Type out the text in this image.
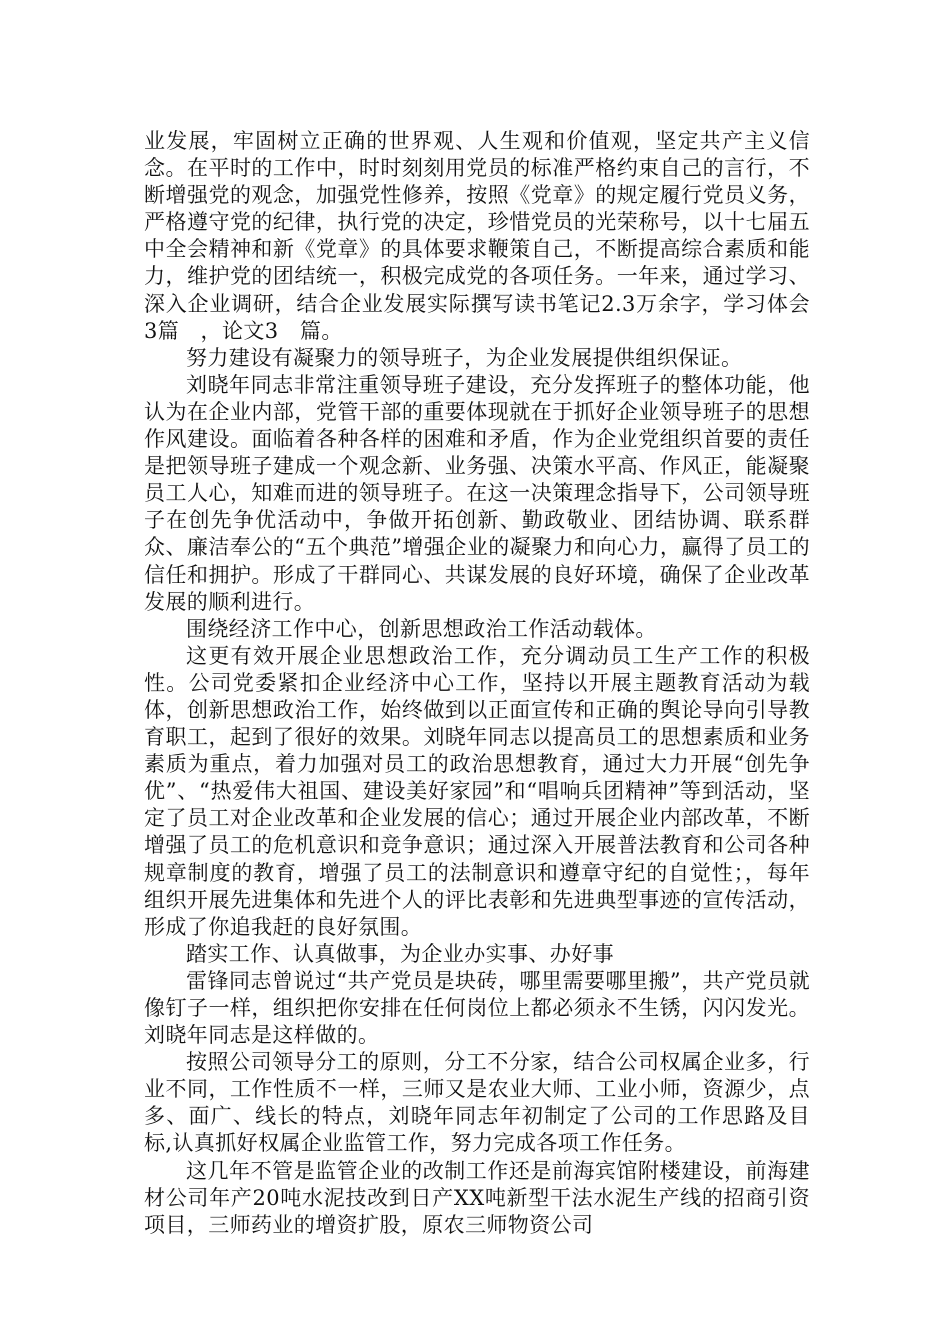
业发展，牢固树立正确的世界观、人生观和价值观，坚定共产主义信念。在平时的工作中，时时刻刻用党员的标准严格约束自己的言行，不断增强党的观念，加强党性修养，按照《党章》的规定履行党员义务，严格遵守党的纪律，执行党的决定，珍惜党员的光荣称号，以十七届五中全会精神和新《党章》的具体要求鞭策自己，不断提高综合素质和能力，维护党的团结统一，积极完成党的各项任务。一年来，通过学习、深入企业调研，结合企业发展实际撰写读书笔记2.3万余字，学习体会3篇　，论文3　篇。

努力建设有凝聚力的领导班子，为企业发展提供组织保证。

刘晓年同志非常注重领导班子建设，充分发挥班子的整体功能，他认为在企业内部，党管干部的重要体现就在于抓好企业领导班子的思想作风建设。面临着各种各样的困难和矛盾，作为企业党组织首要的责任是把领导班子建成一个观念新、业务强、决策水平高、作风正，能凝聚员工人心，知难而进的领导班子。在这一决策理念指导下，公司领导班子在创先争优活动中，争做开拓创新、勤政敬业、团结协调、联系群众、廉洁奉公的“五个典范”增强企业的凝聚力和向心力，赢得了员工的信任和拥护。形成了干群同心、共谋发展的良好环境，确保了企业改革发展的顺利进行。

围绕经济工作中心，创新思想政治工作活动载体。

这更有效开展企业思想政治工作，充分调动员工生产工作的积极性。公司党委紧扣企业经济中心工作，坚持以开展主题教育活动为载体，创新思想政治工作，始终做到以正面宣传和正确的舆论导向引导教育职工，起到了很好的效果。刘晓年同志以提高员工的思想素质和业务素质为重点，着力加强对员工的政治思想教育，通过大力开展“创先争优”、“热爱伟大祖国、建设美好家园”和“唱响兵团精神”等到活动，坚定了员工对企业改革和企业发展的信心；通过开展企业内部改革，不断增强了员工的危机意识和竞争意识；通过深入开展普法教育和公司各种规章制度的教育，增强了员工的法制意识和遵章守纪的自觉性；，每年组织开展先进集体和先进个人的评比表彰和先进典型事迹的宣传活动，形成了你追我赶的良好氛围。

踏实工作、认真做事，为企业办实事、办好事

雷锋同志曾说过“共产党员是块砖，哪里需要哪里搬”，共产党员就像钉子一样，组织把你安排在任何岗位上都必须永不生锈，闪闪发光。刘晓年同志是这样做的。

按照公司领导分工的原则，分工不分家，结合公司权属企业多，行业不同，工作性质不一样，三师又是农业大师、工业小师，资源少，点多、面广、线长的特点，刘晓年同志年初制定了公司的工作思路及目标,认真抓好权属企业监管工作，努力完成各项工作任务。

这几年不管是监管企业的改制工作还是前海宾馆附楼建设，前海建材公司年产20吨水泥技改到日产XX吨新型干法水泥生产线的招商引资项目，三师药业的增资扩股，原农三师物资公司
